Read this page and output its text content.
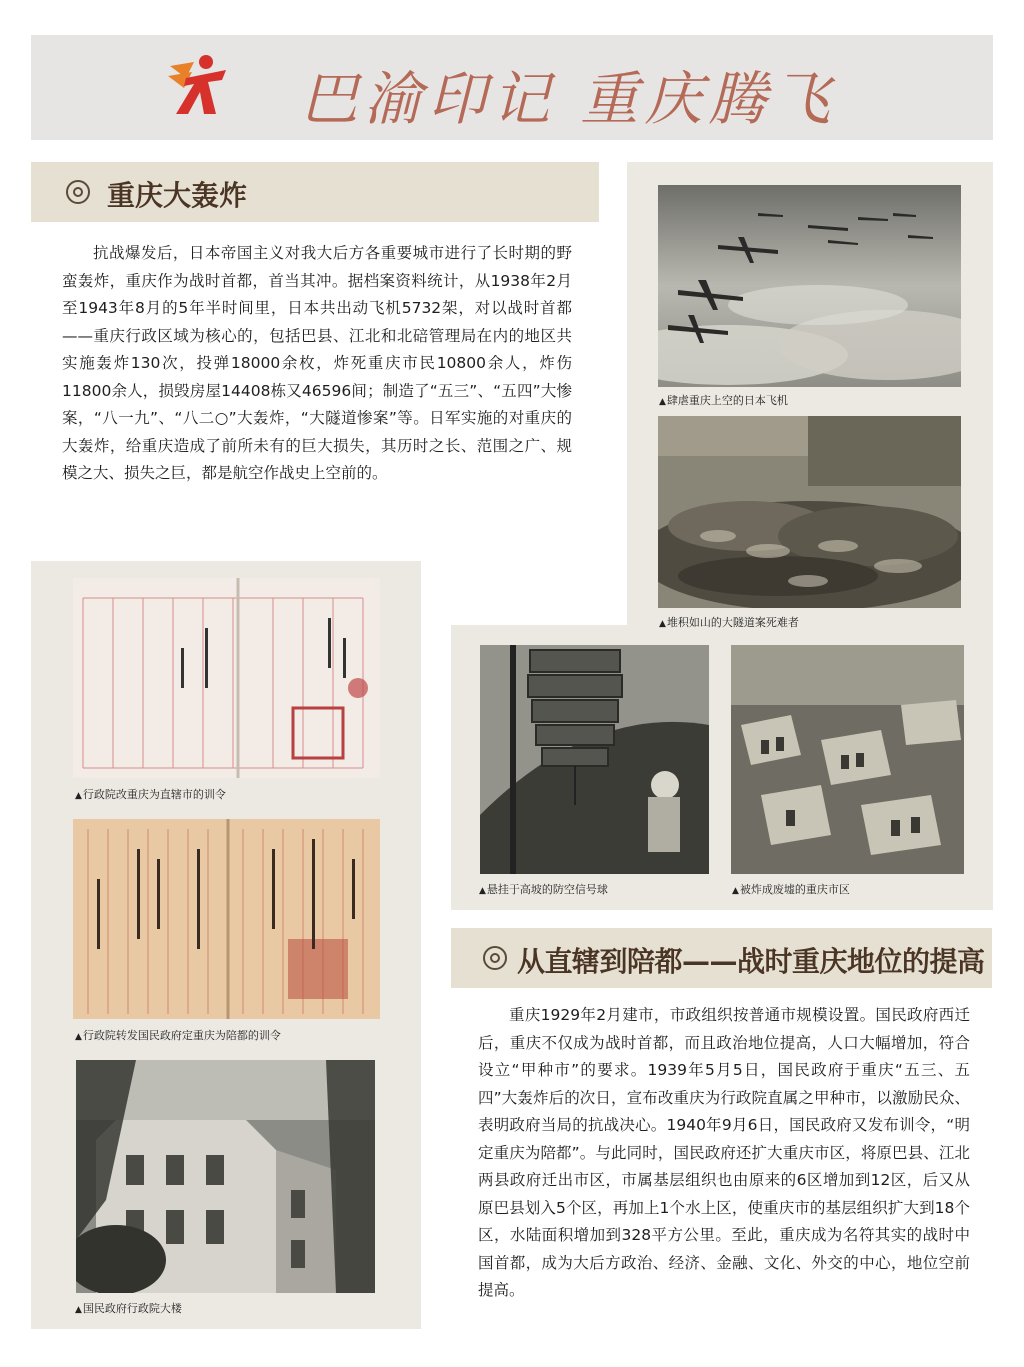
巴渝印记 重庆腾飞
重庆大轰炸

抗战爆发后，日本帝国主义对我大后方各重要城市进行了长时期的野蛮轰炸，重庆作为战时首都，首当其冲。据档案资料统计，从1938年2月至1943年8月的5年半时间里，日本共出动飞机5732架，对以战时首都——重庆行政区域为核心的，包括巴县、江北和北碚管理局在内的地区共实施轰炸130次，投弹18000余枚，炸死重庆市民10800余人，炸伤11800余人，损毁房屋14408栋又46596间；制造了“五三”、“五四”大惨案，“八一九”、“八二○”大轰炸，“大隧道惨案”等。日军实施的对重庆的大轰炸，给重庆造成了前所未有的巨大损失，其历时之长、范围之广、规模之大、损失之巨，都是航空作战史上空前的。

▲肆虐重庆上空的日本飞机
▲堆积如山的大隧道案死难者
▲悬挂于高坡的防空信号球	▲被炸成废墟的重庆市区
▲行政院改重庆为直辖市的训令
▲行政院转发国民政府定重庆为陪都的训令
▲国民政府行政院大楼
从直辖到陪都——战时重庆地位的提高

重庆1929年2月建市，市政组织按普通市规模设置。国民政府西迁后，重庆不仅成为战时首都，而且政治地位提高，人口大幅增加，符合设立“甲种市”的要求。1939年5月5日，国民政府于重庆“五三、五四”大轰炸后的次日，宣布改重庆为行政院直属之甲种市，以激励民众、表明政府当局的抗战决心。1940年9月6日，国民政府又发布训令，“明定重庆为陪都”。与此同时，国民政府还扩大重庆市区，将原巴县、江北两县政府迁出市区，市属基层组织也由原来的6区增加到12区，后又从原巴县划入5个区，再加上1个水上区，使重庆市的基层组织扩大到18个区，水陆面积增加到328平方公里。至此，重庆成为名符其实的战时中国首都，成为大后方政治、经济、金融、文化、外交的中心，地位空前提高。
